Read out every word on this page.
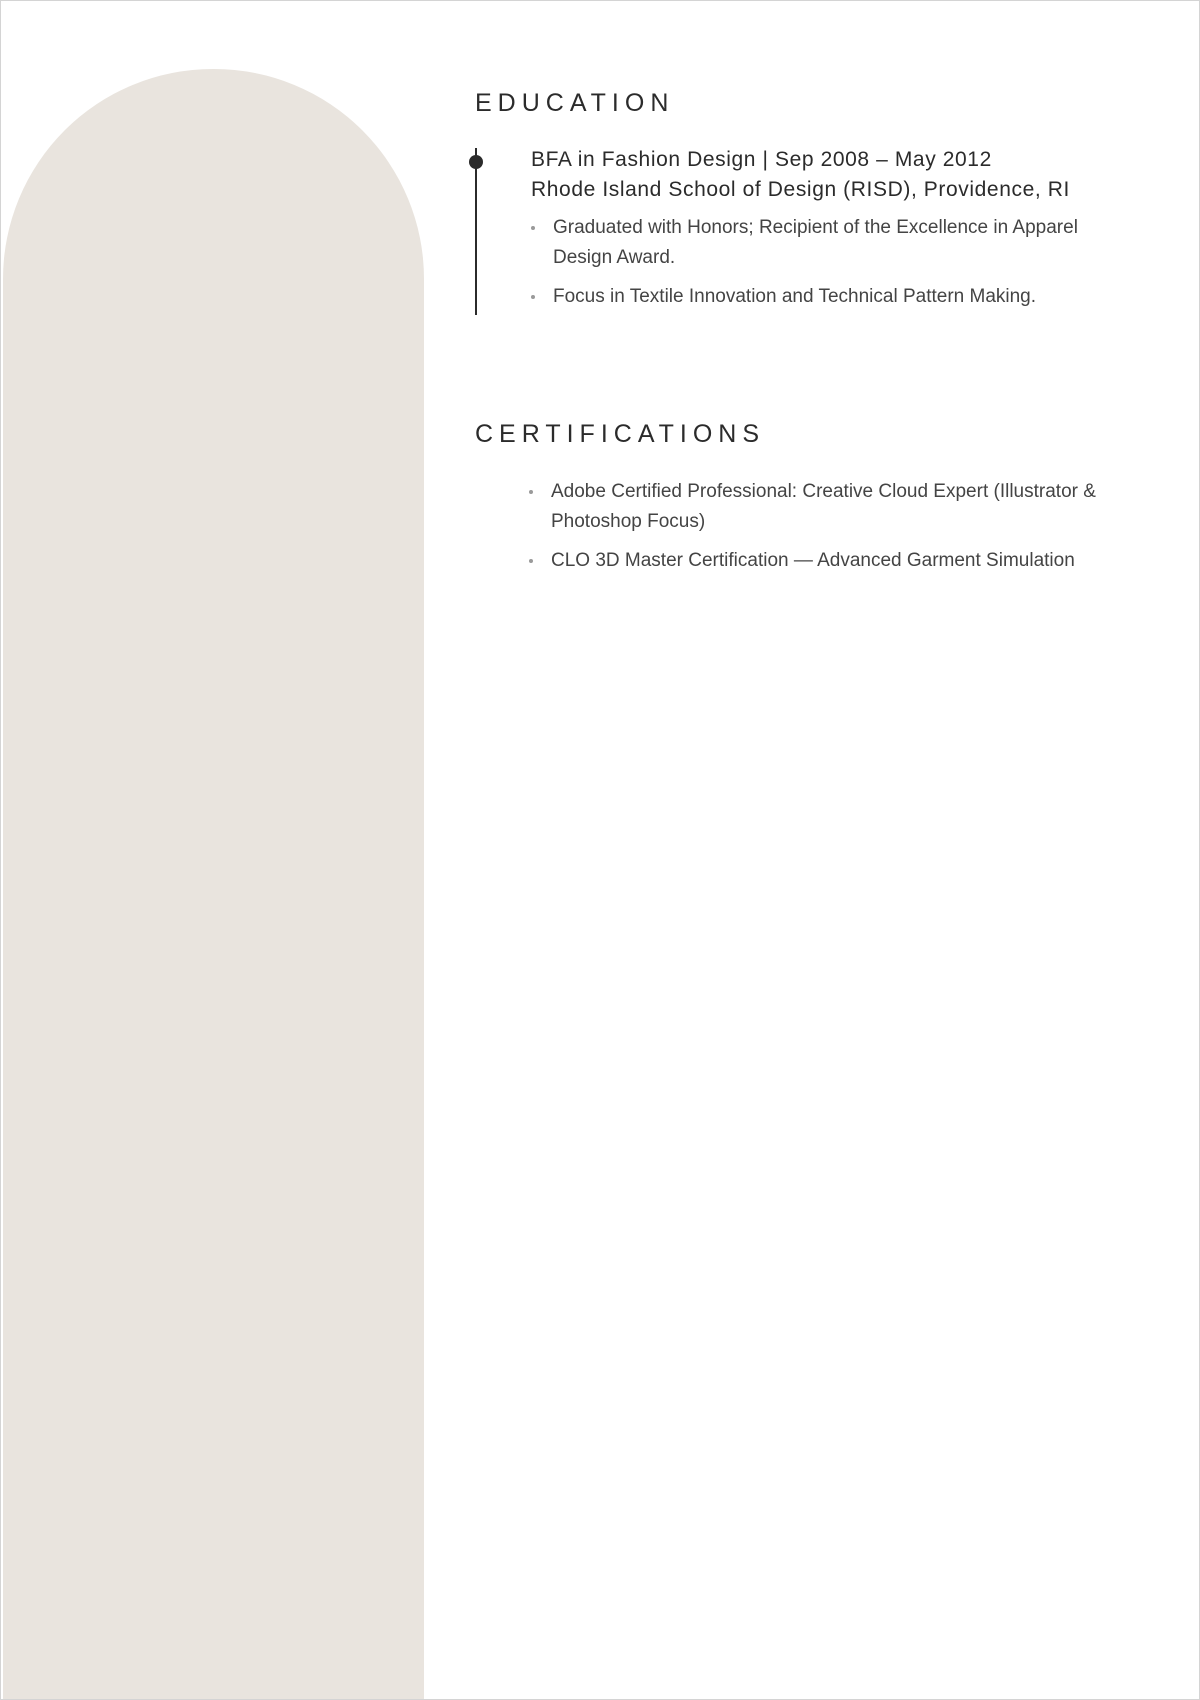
EDUCATION
BFA in Fashion Design | Sep 2008 – May 2012
Rhode Island School of Design (RISD), Providence, RI
Graduated with Honors; Recipient of the Excellence in Apparel Design Award.
Focus in Textile Innovation and Technical Pattern Making.
CERTIFICATIONS
Adobe Certified Professional: Creative Cloud Expert (Illustrator & Photoshop Focus)
CLO 3D Master Certification — Advanced Garment Simulation
